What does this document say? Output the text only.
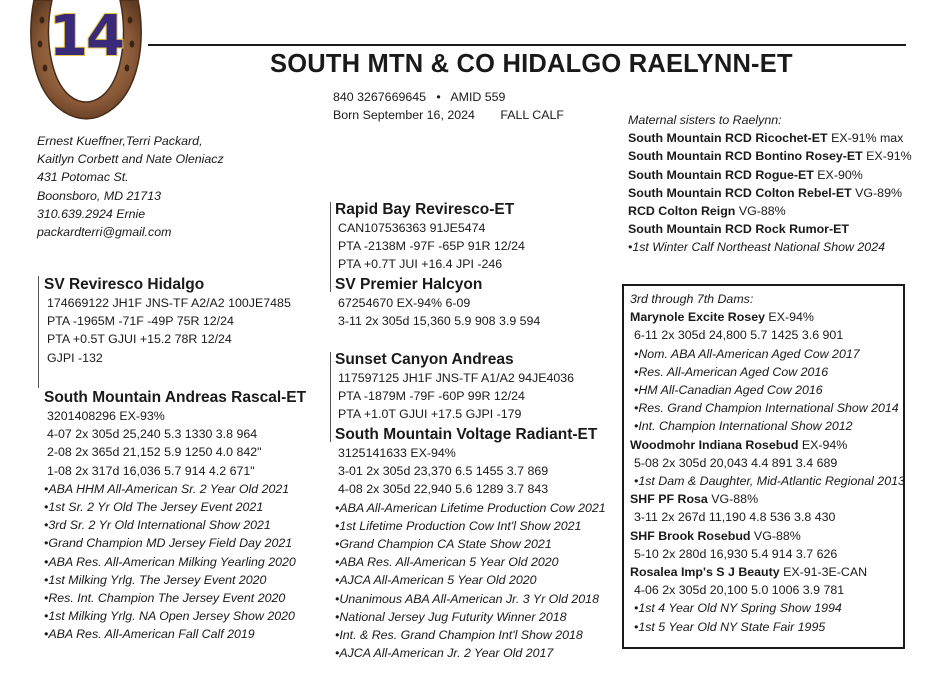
14	SOUTH MTN & CO HIDALGO RAELYNN-ET
840 3267669645 • AMID 559
Born September 16, 2024 FALL CALF
Ernest Kueffner,Terri Packard,
Kaitlyn Corbett and Nate Oleniacz
431 Potomac St.
Boonsboro, MD 21713
310.639.2924 Ernie
packardterri@gmail.com
SV Reviresco Hidalgo
174669122 JH1F JNS-TF A2/A2 100JE7485
PTA -1965M -71F -49P 75R 12/24
PTA +0.5T GJUI +15.2 78R 12/24
GJPI -132
South Mountain Andreas Rascal-ET
3201408296 EX-93%
4-07 2x 305d 25,240 5.3 1330 3.8 964
2-08 2x 365d 21,152 5.9 1250 4.0 842"
1-08 2x 317d 16,036 5.7 914 4.2 671"
•ABA HHM All-American Sr. 2 Year Old 2021
•1st Sr. 2 Yr Old The Jersey Event 2021
•3rd Sr. 2 Yr Old International Show 2021
•Grand Champion MD Jersey Field Day 2021
•ABA Res. All-American Milking Yearling 2020
•1st Milking Yrlg. The Jersey Event 2020
•Res. Int. Champion The Jersey Event 2020
•1st Milking Yrlg. NA Open Jersey Show 2020
•ABA Res. All-American Fall Calf 2019
Rapid Bay Reviresco-ET
CAN107536363 91JE5474
PTA -2138M -97F -65P 91R 12/24
PTA +0.7T JUI +16.4 JPI -246
SV Premier Halcyon
67254670 EX-94% 6-09
3-11 2x 305d 15,360 5.9 908 3.9 594
Sunset Canyon Andreas
117597125 JH1F JNS-TF A1/A2 94JE4036
PTA -1879M -79F -60P 99R 12/24
PTA +1.0T GJUI +17.5 GJPI -179
South Mountain Voltage Radiant-ET
3125141633 EX-94%
3-01 2x 305d 23,370 6.5 1455 3.7 869
4-08 2x 305d 22,940 5.6 1289 3.7 843
•ABA All-American Lifetime Production Cow 2021
•1st Lifetime Production Cow Int'l Show 2021
•Grand Champion CA State Show 2021
•ABA Res. All-American 5 Year Old 2020
•AJCA All-American 5 Year Old 2020
•Unanimous ABA All-American Jr. 3 Yr Old 2018
•National Jersey Jug Futurity Winner 2018
•Int. & Res. Grand Champion Int'l Show 2018
•AJCA All-American Jr. 2 Year Old 2017
Maternal sisters to Raelynn:
South Mountain RCD Ricochet-ET EX-91% max
South Mountain RCD Bontino Rosey-ET EX-91%
South Mountain RCD Rogue-ET EX-90%
South Mountain RCD Colton Rebel-ET VG-89%
RCD Colton Reign VG-88%
South Mountain RCD Rock Rumor-ET
•1st Winter Calf Northeast National Show 2024
3rd through 7th Dams:
Marynole Excite Rosey EX-94%
6-11 2x 305d 24,800 5.7 1425 3.6 901
•Nom. ABA All-American Aged Cow 2017
•Res. All-American Aged Cow 2016
•HM All-Canadian Aged Cow 2016
•Res. Grand Champion International Show 2014
•Int. Champion International Show 2012
Woodmohr Indiana Rosebud EX-94%
5-08 2x 305d 20,043 4.4 891 3.4 689
•1st Dam & Daughter, Mid-Atlantic Regional 2013
SHF PF Rosa VG-88%
3-11 2x 267d 11,190 4.8 536 3.8 430
SHF Brook Rosebud VG-88%
5-10 2x 280d 16,930 5.4 914 3.7 626
Rosalea Imp's S J Beauty EX-91-3E-CAN
4-06 2x 305d 20,100 5.0 1006 3.9 781
•1st 4 Year Old NY Spring Show 1994
•1st 5 Year Old NY State Fair 1995
